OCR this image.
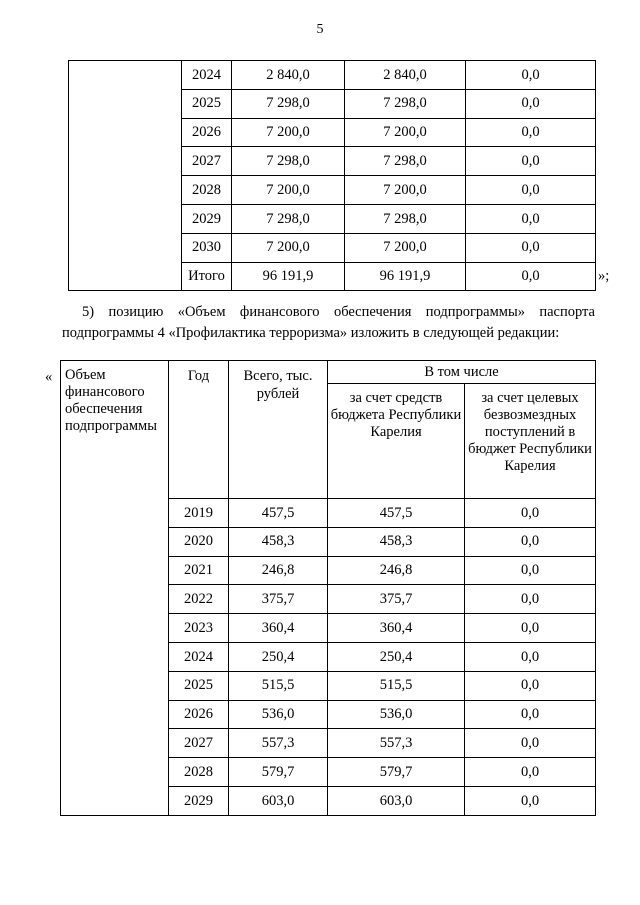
5
	2024	2 840,0	2 840,0	0,0
	2025	7 298,0	7 298,0	0,0
	2026	7 200,0	7 200,0	0,0
	2027	7 298,0	7 298,0	0,0
	2028	7 200,0	7 200,0	0,0
	2029	7 298,0	7 298,0	0,0
	2030	7 200,0	7 200,0	0,0
	Итого	96 191,9	96 191,9	0,0	»;
5) позицию «Объем финансового обеспечения подпрограммы» паспорта
подпрограммы 4 «Профилактика терроризма» изложить в следующей редакции:
« Объем финансового обеспечения подпрограммы	Год	Всего, тыс. рублей	В том числе	
			за счет средств бюджета Республики Карелия	за счет целевых безвозмездных поступлений в бюджет Республики Карелия
	2019	457,5	457,5	0,0
	2020	458,3	458,3	0,0
	2021	246,8	246,8	0,0
	2022	375,7	375,7	0,0
	2023	360,4	360,4	0,0
	2024	250,4	250,4	0,0
	2025	515,5	515,5	0,0
	2026	536,0	536,0	0,0
	2027	557,3	557,3	0,0
	2028	579,7	579,7	0,0
	2029	603,0	603,0	0,0
